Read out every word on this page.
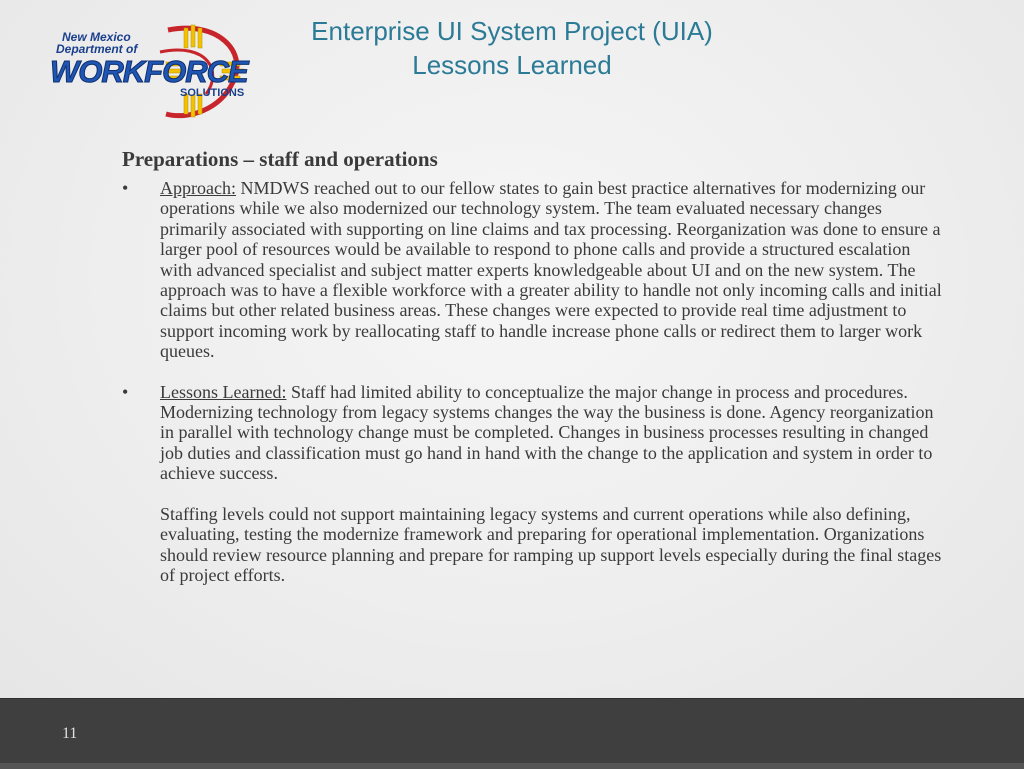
New Mexico
Department of
WORKFORCE
SOLUTIONS
Enterprise UI System Project (UIA)
Lessons Learned
Preparations – staff and operations
• Approach: NMDWS reached out to our fellow states to gain best practice alternatives for modernizing our operations while we also modernized our technology system. The team evaluated necessary changes primarily associated with supporting on line claims and tax processing. Reorganization was done to ensure a larger pool of resources would be available to respond to phone calls and provide a structured escalation with advanced specialist and subject matter experts knowledgeable about UI and on the new system. The approach was to have a flexible workforce with a greater ability to handle not only incoming calls and initial claims but other related business areas. These changes were expected to provide real time adjustment to support incoming work by reallocating staff to handle increase phone calls or redirect them to larger work queues.
• Lessons Learned: Staff had limited ability to conceptualize the major change in process and procedures. Modernizing technology from legacy systems changes the way the business is done. Agency reorganization in parallel with technology change must be completed. Changes in business processes resulting in changed job duties and classification must go hand in hand with the change to the application and system in order to achieve success.
Staffing levels could not support maintaining legacy systems and current operations while also defining, evaluating, testing the modernize framework and preparing for operational implementation. Organizations should review resource planning and prepare for ramping up support levels especially during the final stages of project efforts.
11
